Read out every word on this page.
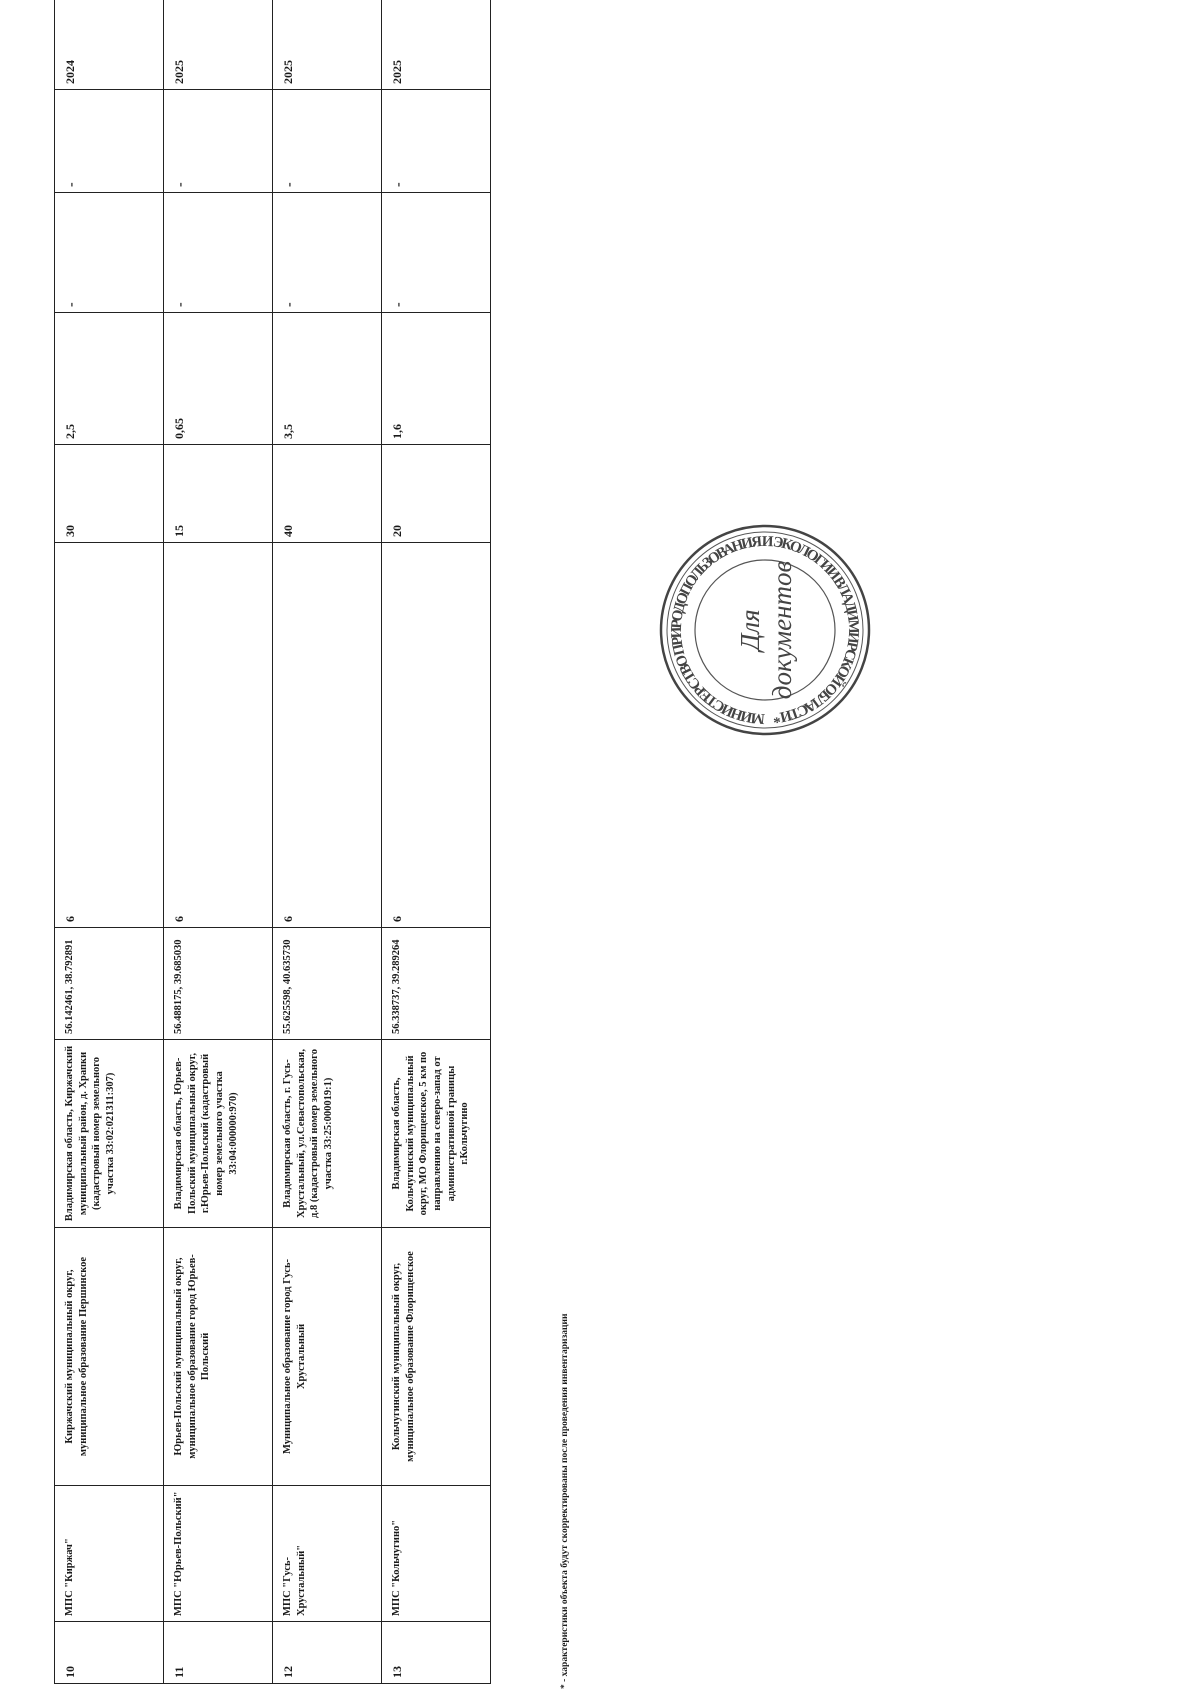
10	МПС "Киржач"	Киржачский муниципальный округ, муниципальное образование Першинское	Владимирская область, Киржачский муниципальный район, д. Храпки (кадастровый номер земельного участка 33:02:021311:307)	56.142461, 38.792891	6	30	2,5	-	-	2024		
11	МПС "Юрьев-Польский"	Юрьев-Польский муниципальный округ, муниципальное образование город Юрьев-Польский	Владимирская область, Юрьев-Польский муниципальный округ, г.Юрьев-Польский (кадастровый номер земельного участка 33:04:000000:970)	56.488175, 39.685030	6	15	0,65	-	-	2025		
12	МПС "Гусь-Хрустальный"	Муниципальное образование город Гусь-Хрустальный	Владимирская область, г. Гусь-Хрустальный, ул.Севастопольская, д.8 (кадастровый номер земельного участка 33:25:000019:1)	55.625598, 40.635730	6	40	3,5	-	-	2025		
13	МПС "Кольчугино"	Кольчугинский муниципальный округ, муниципальное образование Флорищенское	Владимирская область, Кольчугинский муниципальный округ, МО Флорищенское, 5 км по направлению на северо-запад от административной границы г.Кольчугино	56.338737, 39.289264	6	20	1,6	-	-	2025		
* - характеристики объекта будут скорректированы после проведения инвентаризации
МИНИСТЕРСТВО ПРИРОДОПОЛЬЗОВАНИЯ И ЭКОЛОГИИ ВЛАДИМИРСКОЙ ОБЛАСТИ *
Для документов
